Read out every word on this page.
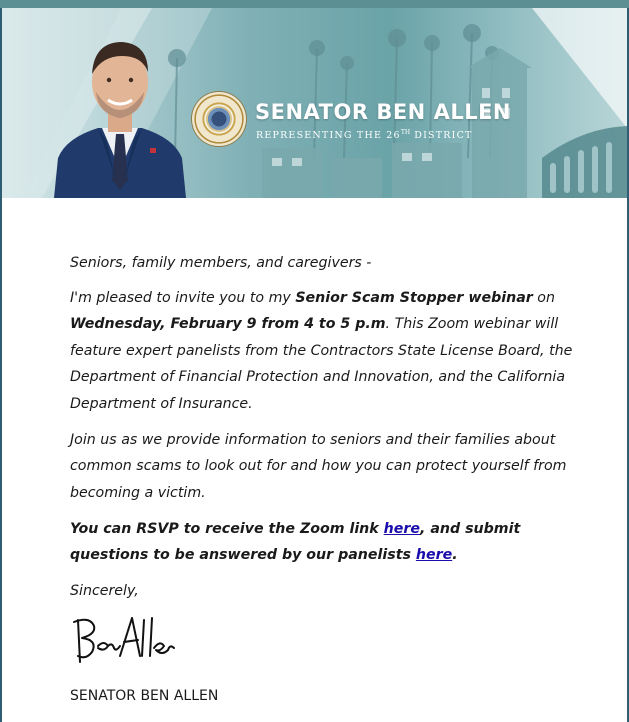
SENATOR BEN ALLEN
REPRESENTING THE 26TH DISTRICT

Seniors, family members, and caregivers -

I'm pleased to invite you to my Senior Scam Stopper webinar on Wednesday, February 9 from 4 to 5 p.m. This Zoom webinar will feature expert panelists from the Contractors State License Board, the Department of Financial Protection and Innovation, and the California Department of Insurance.

Join us as we provide information to seniors and their families about common scams to look out for and how you can protect yourself from becoming a victim.

You can RSVP to receive the Zoom link here, and submit questions to be answered by our panelists here.

Sincerely,

SENATOR BEN ALLEN
